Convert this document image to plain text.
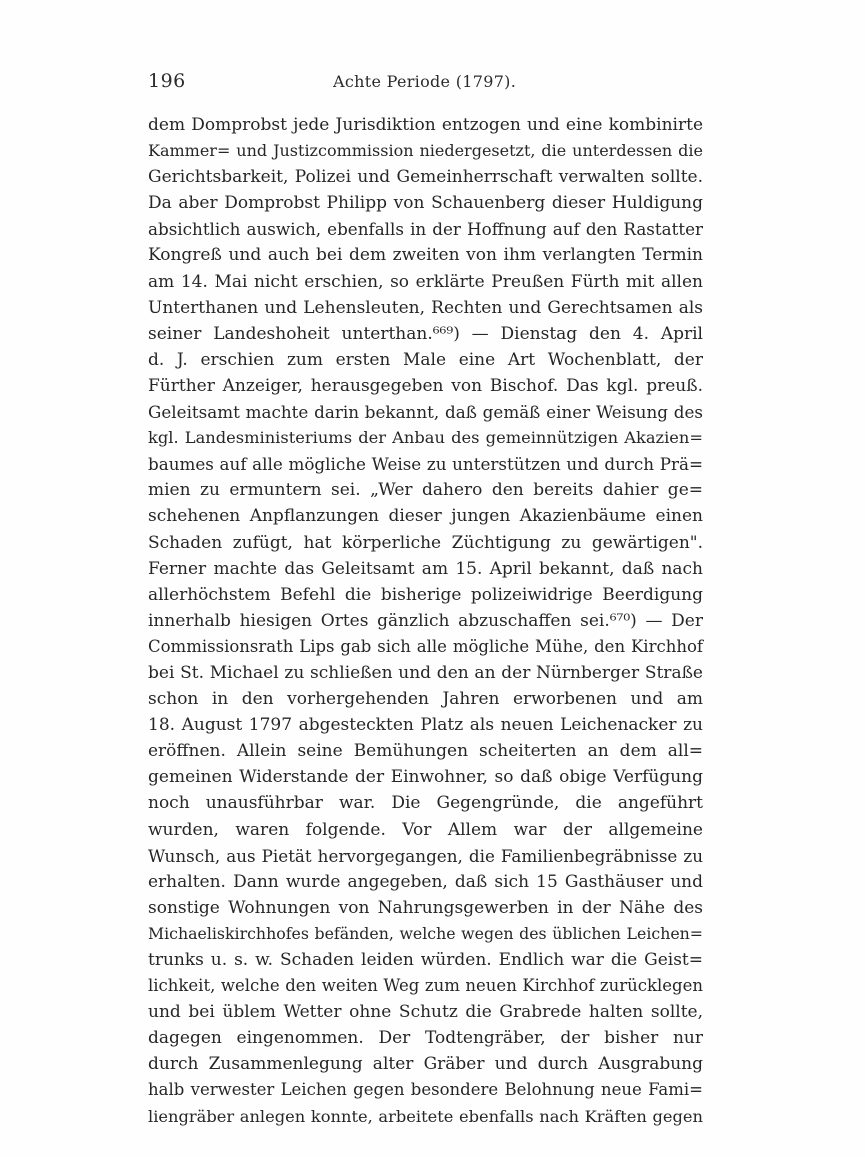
196	Achte Periode (1797).
dem Domprobst jede Jurisdiktion entzogen und eine kombinirte
Kammer= und Justizcommission niedergesetzt, die unterdessen die
Gerichtsbarkeit, Polizei und Gemeinherrschaft verwalten sollte.
Da aber Domprobst Philipp von Schauenberg dieser Huldigung
absichtlich auswich, ebenfalls in der Hoffnung auf den Rastatter
Kongreß und auch bei dem zweiten von ihm verlangten Termin
am 14. Mai nicht erschien, so erklärte Preußen Fürth mit allen
Unterthanen und Lehensleuten, Rechten und Gerechtsamen als
seiner Landeshoheit unterthan.⁶⁶⁹) — Dienstag den 4. April
d. J. erschien zum ersten Male eine Art Wochenblatt, der
Fürther Anzeiger, herausgegeben von Bischof. Das kgl. preuß.
Geleitsamt machte darin bekannt, daß gemäß einer Weisung des
kgl. Landesministeriums der Anbau des gemeinnützigen Akazien=
baumes auf alle mögliche Weise zu unterstützen und durch Prä=
mien zu ermuntern sei. „Wer dahero den bereits dahier ge=
schehenen Anpflanzungen dieser jungen Akazienbäume einen
Schaden zufügt, hat körperliche Züchtigung zu gewärtigen".
Ferner machte das Geleitsamt am 15. April bekannt, daß nach
allerhöchstem Befehl die bisherige polizeiwidrige Beerdigung
innerhalb hiesigen Ortes gänzlich abzuschaffen sei.⁶⁷⁰) — Der
Commissionsrath Lips gab sich alle mögliche Mühe, den Kirchhof
bei St. Michael zu schließen und den an der Nürnberger Straße
schon in den vorhergehenden Jahren erworbenen und am
18. August 1797 abgesteckten Platz als neuen Leichenacker zu
eröffnen. Allein seine Bemühungen scheiterten an dem all=
gemeinen Widerstande der Einwohner, so daß obige Verfügung
noch unausführbar war. Die Gegengründe, die angeführt
wurden, waren folgende. Vor Allem war der allgemeine
Wunsch, aus Pietät hervorgegangen, die Familienbegräbnisse zu
erhalten. Dann wurde angegeben, daß sich 15 Gasthäuser und
sonstige Wohnungen von Nahrungsgewerben in der Nähe des
Michaeliskirchhofes befänden, welche wegen des üblichen Leichen=
trunks u. s. w. Schaden leiden würden. Endlich war die Geist=
lichkeit, welche den weiten Weg zum neuen Kirchhof zurücklegen
und bei üblem Wetter ohne Schutz die Grabrede halten sollte,
dagegen eingenommen. Der Todtengräber, der bisher nur
durch Zusammenlegung alter Gräber und durch Ausgrabung
halb verwester Leichen gegen besondere Belohnung neue Fami=
liengräber anlegen konnte, arbeitete ebenfalls nach Kräften gegen
